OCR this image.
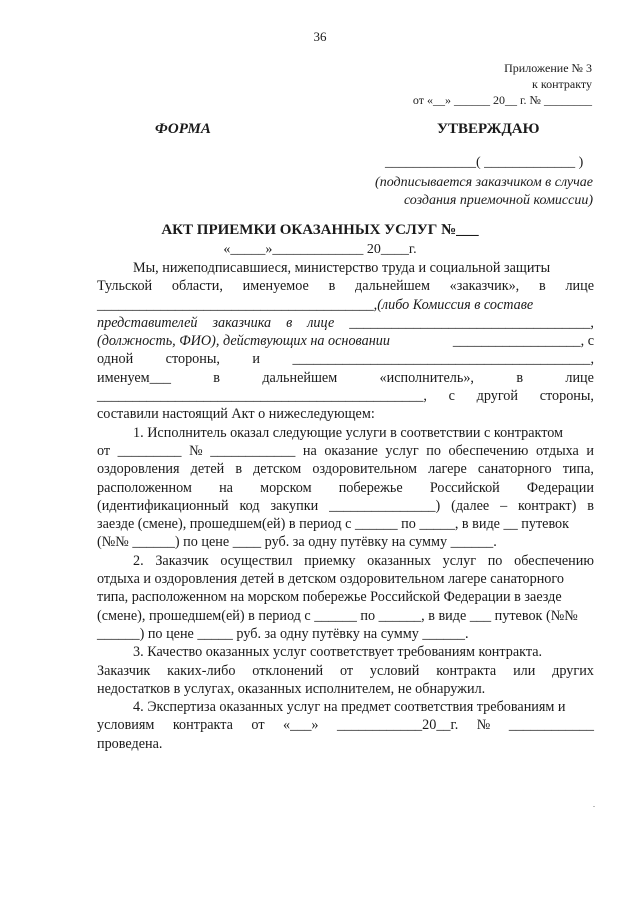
36
Приложение № 3
к контракту
от «__» ______ 20__ г. № ________
ФОРМА	УТВЕРЖДАЮ
_____________( _____________ )
(подписывается заказчиком в случае
создания приемочной комиссии)
АКТ ПРИЕМКИ ОКАЗАННЫХ УСЛУГ №___
«_____»_____________ 20____г.
Мы, нижеподписавшиеся, министерство труда и социальной защиты
Тульской области, именуемое в дальнейшем «заказчик», в лице
_______________________________________,(либо Комиссия в составе
представителей заказчика в лице __________________________________,
(должность, ФИО), действующих на основании	__________________, с
одной стороны, и __________________________________________,
именуем___	в	дальнейшем	«исполнитель»,	в	лице
______________________________________________, с другой стороны,
составили настоящий Акт о нижеследующем:
1. Исполнитель оказал следующие услуги в соответствии с контрактом
от _________ № ____________ на оказание услуг по обеспечению отдыха и
оздоровления детей в детском оздоровительном лагере санаторного типа,
расположенном на морском побережье Российской Федерации
(идентификационный код закупки _______________) (далее – контракт) в
заезде (смене), прошедшем(ей) в период с ______ по _____, в виде __ путевок
(№№ ______) по цене ____ руб. за одну путёвку на сумму ______.
2. Заказчик осуществил приемку оказанных услуг по обеспечению
отдыха и оздоровления детей в детском оздоровительном лагере санаторного
типа, расположенном на морском побережье Российской Федерации в заезде
(смене), прошедшем(ей) в период с ______ по ______, в виде ___ путевок (№№
______) по цене _____ руб. за одну путёвку на сумму ______.
3. Качество оказанных услуг соответствует требованиям контракта.
Заказчик каких-либо отклонений от условий контракта или других
недостатков в услугах, оказанных исполнителем, не обнаружил.
4. Экспертиза оказанных услуг на предмет соответствия требованиям и
условиям контракта от «___» ____________20__г. № ____________
проведена.
